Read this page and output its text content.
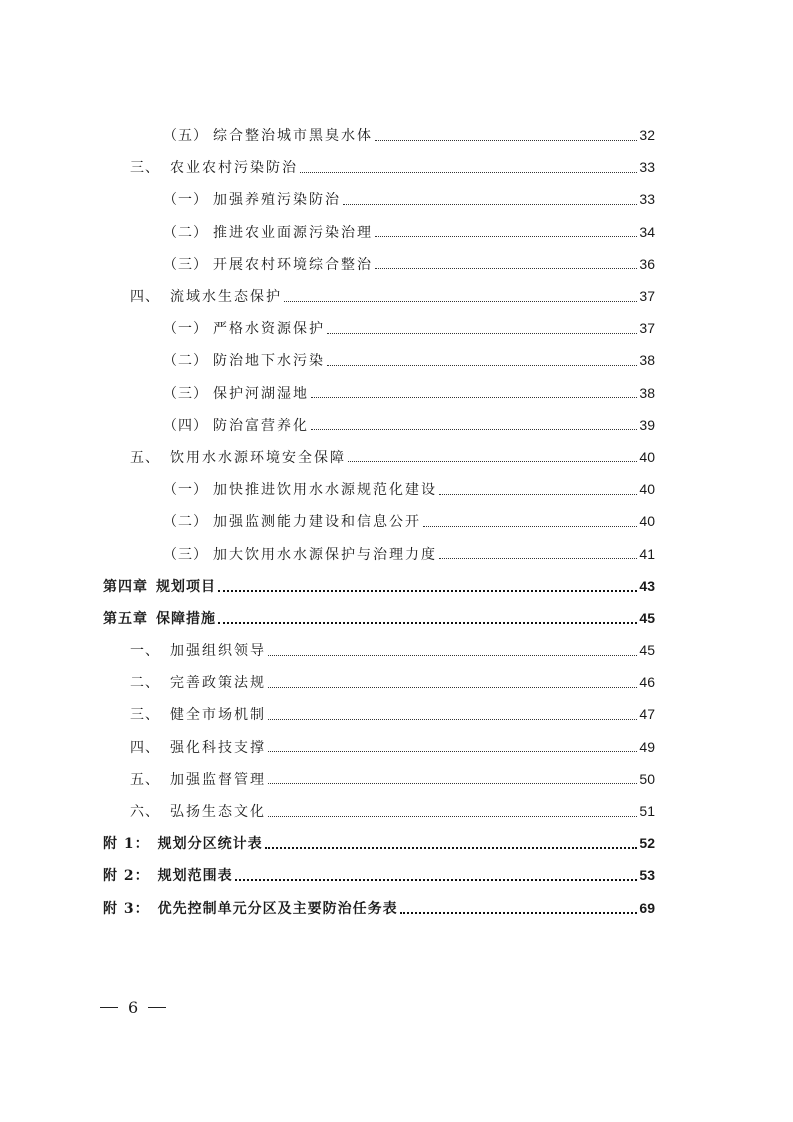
（五） 综合整治城市黑臭水体	32
三、 农业农村污染防治	33
（一） 加强养殖污染防治	33
（二） 推进农业面源污染治理	34
（三） 开展农村环境综合整治	36
四、 流域水生态保护	37
（一） 严格水资源保护	37
（二） 防治地下水污染	38
（三） 保护河湖湿地	38
（四） 防治富营养化	39
五、 饮用水水源环境安全保障	40
（一） 加快推进饮用水水源规范化建设	40
（二） 加强监测能力建设和信息公开	40
（三） 加大饮用水水源保护与治理力度	41
第四章 规划项目	43
第五章 保障措施	45
一、 加强组织领导	45
二、 完善政策法规	46
三、 健全市场机制	47
四、 强化科技支撑	49
五、 加强监督管理	50
六、 弘扬生态文化	51
附 1： 规划分区统计表	52
附 2： 规划范围表	53
附 3： 优先控制单元分区及主要防治任务表	69
6
